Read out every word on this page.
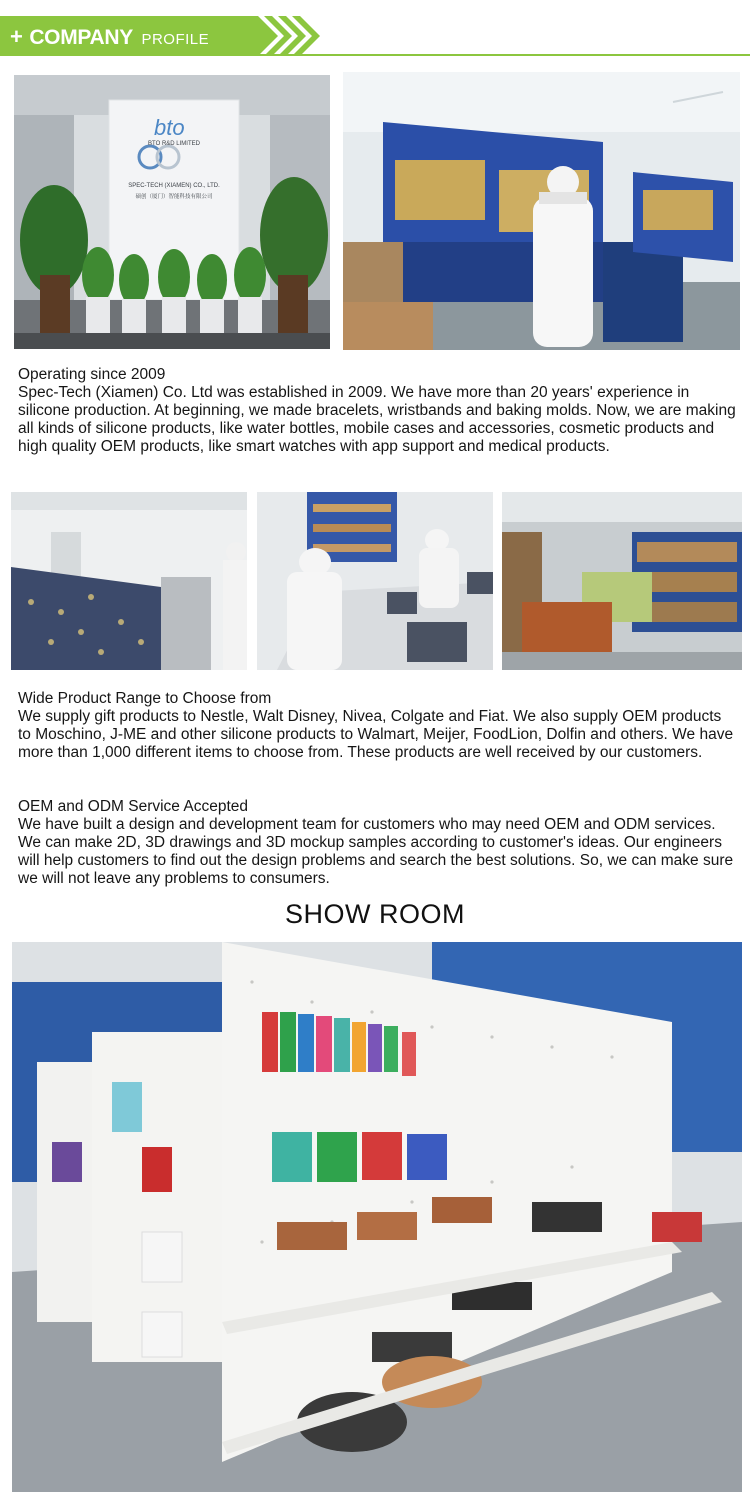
+ COMPANY PROFILE
bto
BTO R&D LIMITED
SPEC-TECH (XIAMEN) CO., LTD.
硕创（厦门）智能科技有限公司
Operating since 2009
Spec-Tech (Xiamen) Co. Ltd was established in 2009. We have more than 20 years' experience in silicone production. At beginning, we made bracelets, wristbands and baking molds. Now, we are making all kinds of silicone products, like water bottles, mobile cases and accessories, cosmetic products and high quality OEM products, like smart watches with app support and medical products.
Wide Product Range to Choose from
We supply gift products to Nestle, Walt Disney, Nivea, Colgate and Fiat. We also supply OEM products to Moschino, J-ME and other silicone products to Walmart, Meijer, FoodLion, Dolfin and others. We have more than 1,000 different items to choose from. These products are well received by our customers.
OEM and ODM Service Accepted
We have built a design and development team for customers who may need OEM and ODM services. We can make 2D, 3D drawings and 3D mockup samples according to customer's ideas. Our engineers will help customers to find out the design problems and search the best solutions. So, we can make sure we will not leave any problems to consumers.
SHOW ROOM
